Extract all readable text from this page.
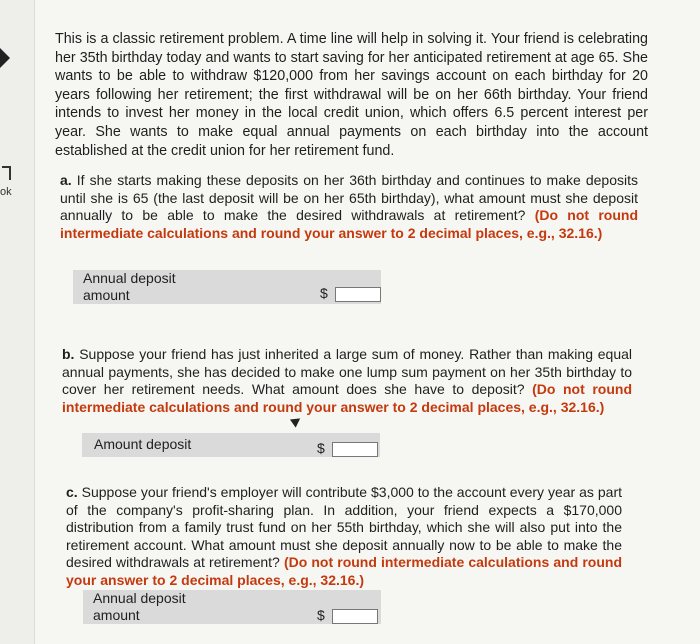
ok
This is a classic retirement problem. A time line will help in solving it. Your friend is celebrating her 35th birthday today and wants to start saving for her anticipated retirement at age 65. She wants to be able to withdraw $120,000 from her savings account on each birthday for 20 years following her retirement; the first withdrawal will be on her 66th birthday. Your friend intends to invest her money in the local credit union, which offers 6.5 percent interest per year. She wants to make equal annual payments on each birthday into the account established at the credit union for her retirement fund.
a. If she starts making these deposits on her 36th birthday and continues to make deposits until she is 65 (the last deposit will be on her 65th birthday), what amount must she deposit annually to be able to make the desired withdrawals at retirement? (Do not round intermediate calculations and round your answer to 2 decimal places, e.g., 32.16.)
Annual deposit
amount	$
b. Suppose your friend has just inherited a large sum of money. Rather than making equal annual payments, she has decided to make one lump sum payment on her 35th birthday to cover her retirement needs. What amount does she have to deposit? (Do not round intermediate calculations and round your answer to 2 decimal places, e.g., 32.16.)
Amount deposit	$
c. Suppose your friend's employer will contribute $3,000 to the account every year as part of the company's profit-sharing plan. In addition, your friend expects a $170,000 distribution from a family trust fund on her 55th birthday, which she will also put into the retirement account. What amount must she deposit annually now to be able to make the desired withdrawals at retirement? (Do not round intermediate calculations and round your answer to 2 decimal places, e.g., 32.16.)
Annual deposit
amount	$
